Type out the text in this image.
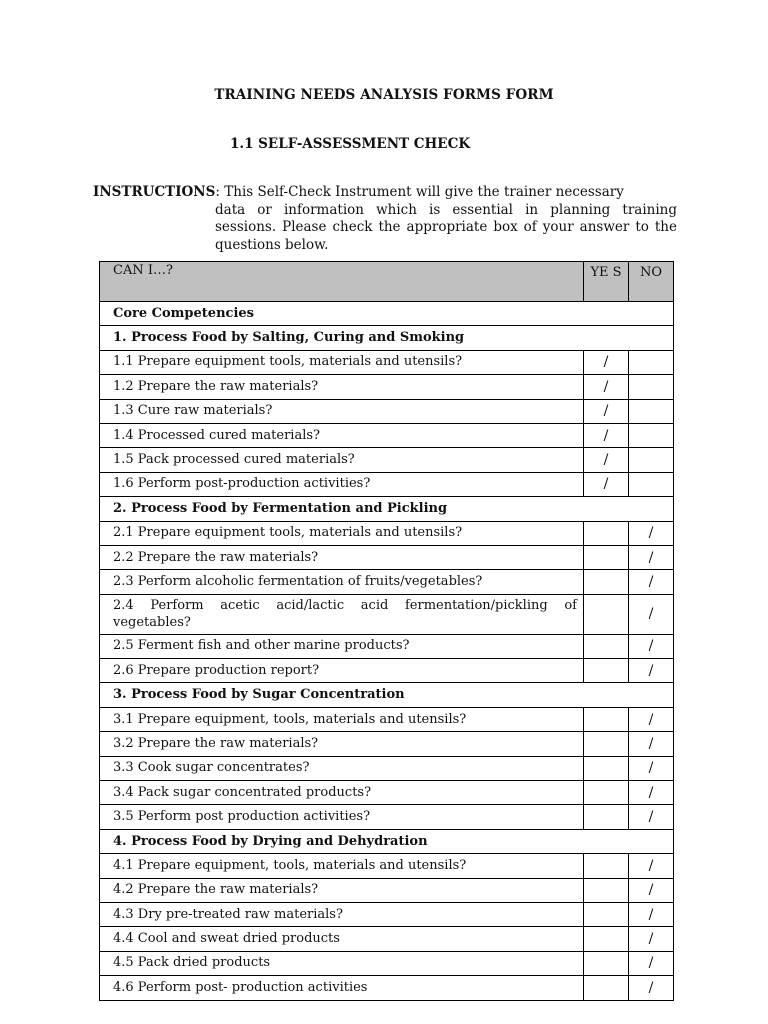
TRAINING NEEDS ANALYSIS FORMS FORM
1.1 SELF-ASSESSMENT CHECK
INSTRUCTIONS: This Self-Check Instrument will give the trainer necessary
data or information which is essential in planning training sessions. Please check the appropriate box of your answer to the questions below.
CAN I…?	YE S	NO
Core Competencies		
1. Process Food by Salting, Curing and Smoking		
1.1 Prepare equipment tools, materials and utensils?	/	
1.2 Prepare the raw materials?	/	
1.3 Cure raw materials?	/	
1.4 Processed cured materials?	/	
1.5 Pack processed cured materials?	/	
1.6 Perform post-production activities?	/	
2. Process Food by Fermentation and Pickling		
2.1 Prepare equipment tools, materials and utensils?		/
2.2 Prepare the raw materials?		/
2.3 Perform alcoholic fermentation of fruits/vegetables?		/
2.4 Perform acetic acid/lactic acid fermentation/pickling of vegetables?		/
2.5 Ferment fish and other marine products?		/
2.6 Prepare production report?		/
3. Process Food by Sugar Concentration		
3.1 Prepare equipment, tools, materials and utensils?		/
3.2 Prepare the raw materials?		/
3.3 Cook sugar concentrates?		/
3.4 Pack sugar concentrated products?		/
3.5 Perform post production activities?		/
4. Process Food by Drying and Dehydration		
4.1 Prepare equipment, tools, materials and utensils?		/
4.2 Prepare the raw materials?		/
4.3 Dry pre-treated raw materials?		/
4.4 Cool and sweat dried products		/
4.5 Pack dried products		/
4.6 Perform post- production activities		/
